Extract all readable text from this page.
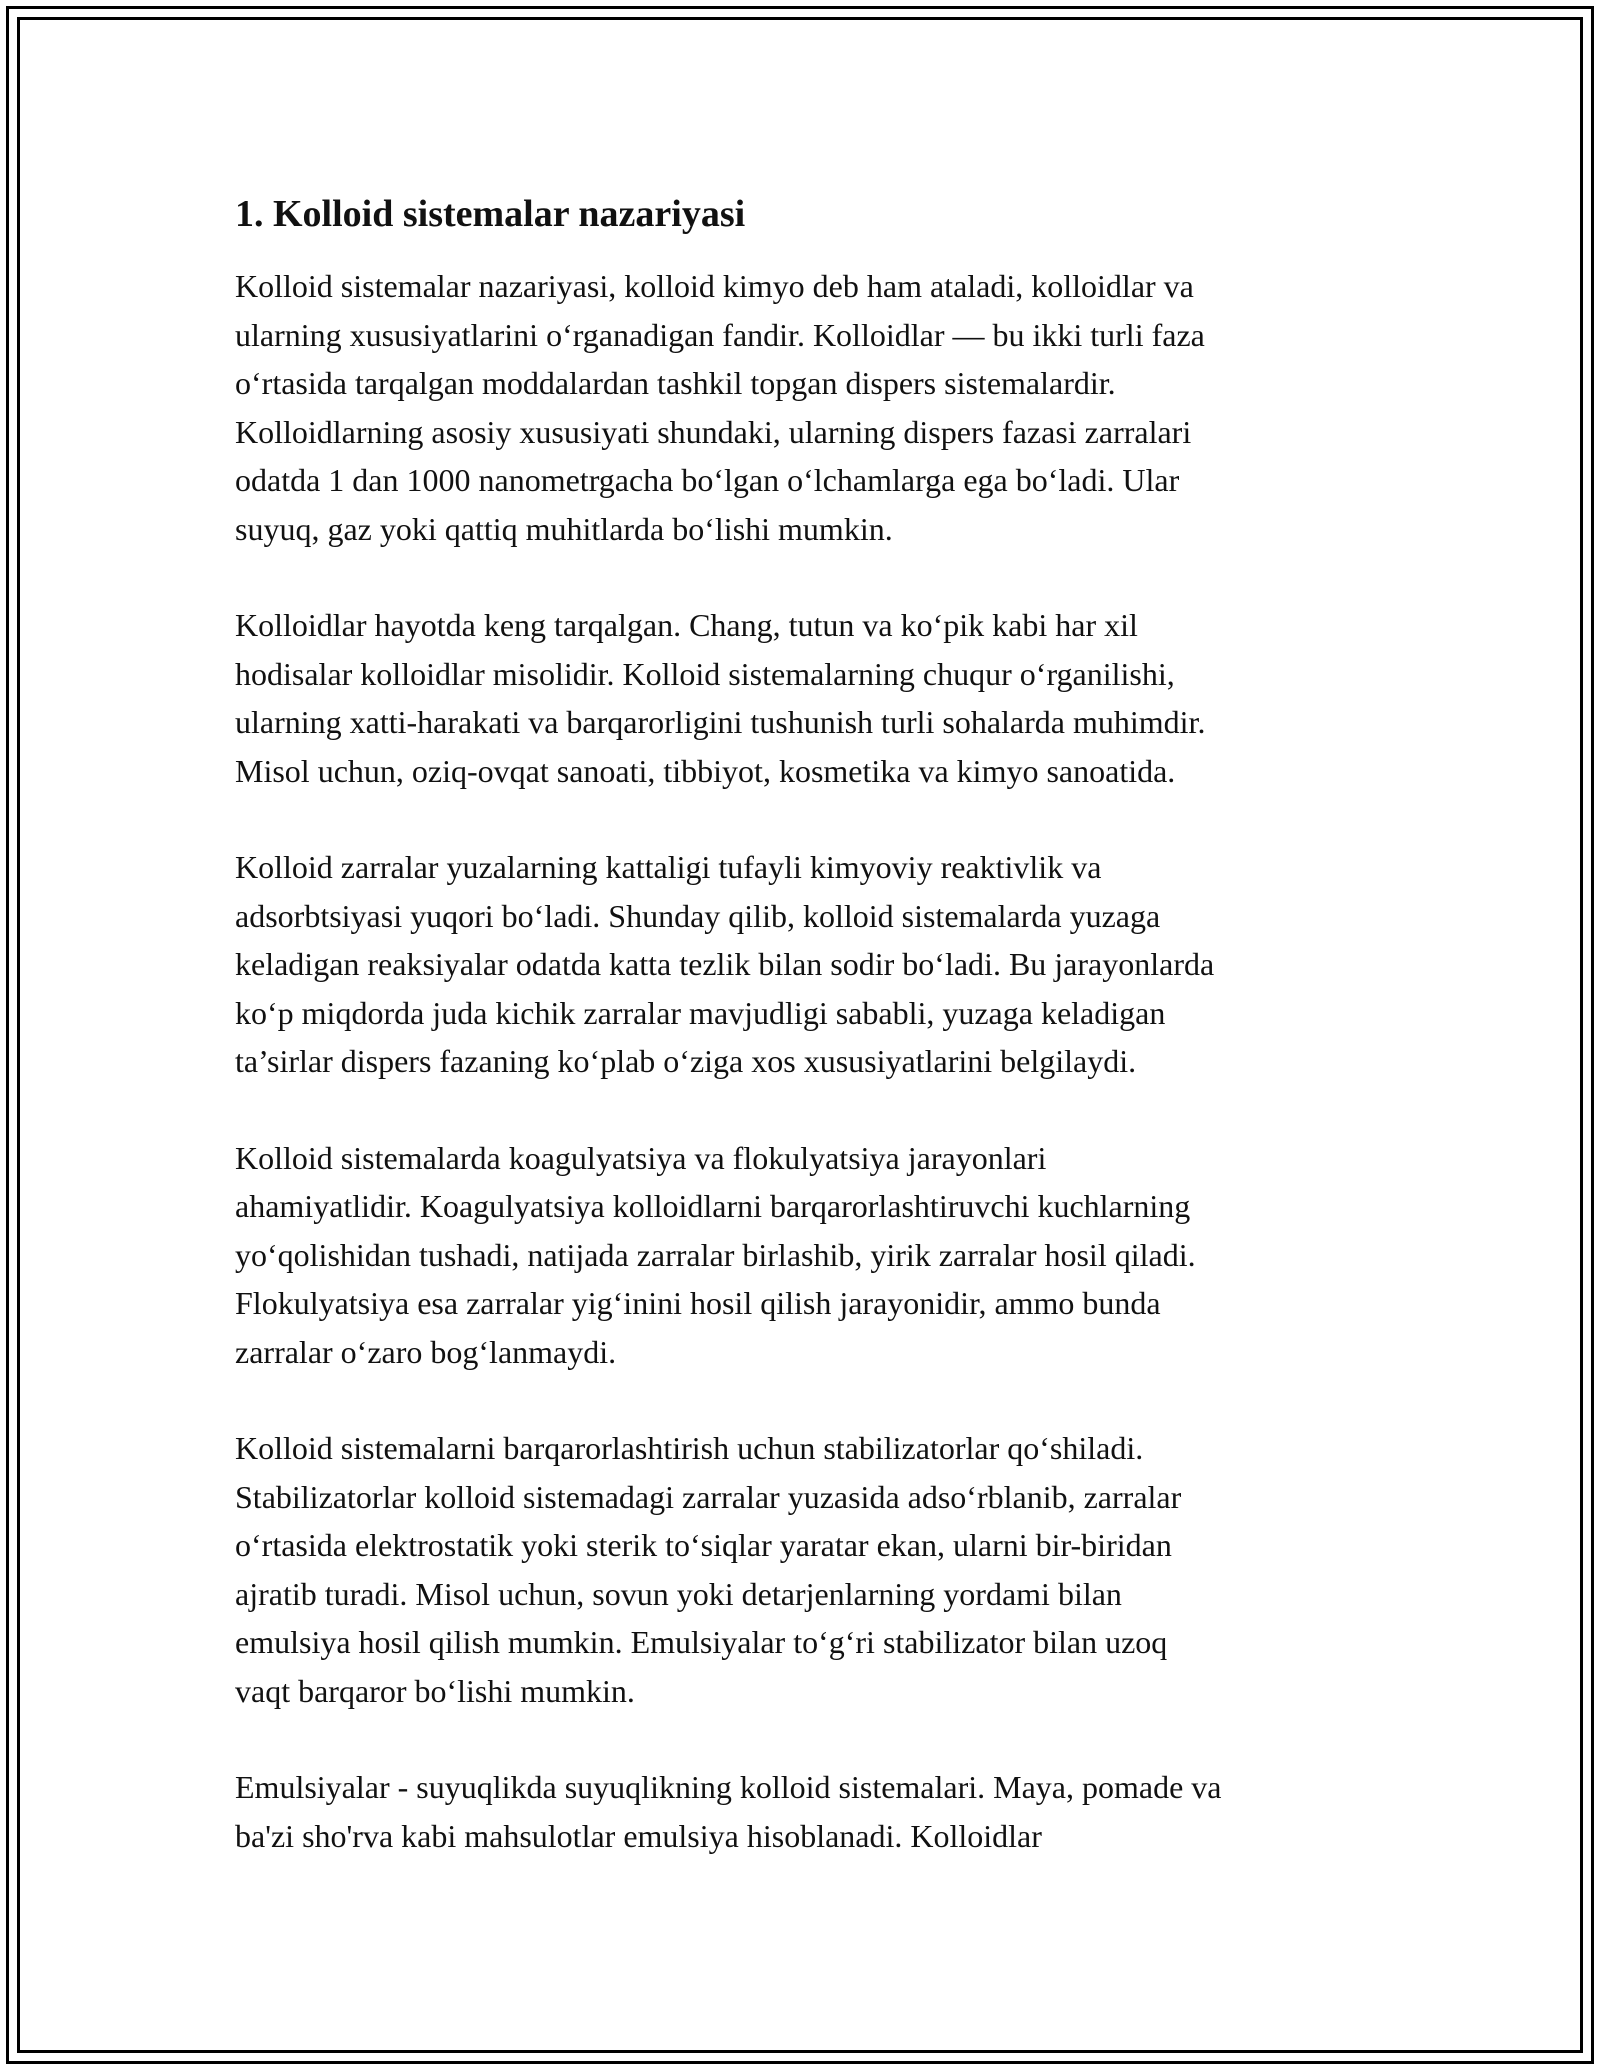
1. Kolloid sistemalar nazariyasi

Kolloid sistemalar nazariyasi, kolloid kimyo deb ham ataladi, kolloidlar va
ularning xususiyatlarini o‘rganadigan fandir. Kolloidlar — bu ikki turli faza
o‘rtasida tarqalgan moddalardan tashkil topgan dispers sistemalardir.
Kolloidlarning asosiy xususiyati shundaki, ularning dispers fazasi zarralari
odatda 1 dan 1000 nanometrgacha bo‘lgan o‘lchamlarga ega bo‘ladi. Ular
suyuq, gaz yoki qattiq muhitlarda bo‘lishi mumkin.

Kolloidlar hayotda keng tarqalgan. Chang, tutun va ko‘pik kabi har xil
hodisalar kolloidlar misolidir. Kolloid sistemalarning chuqur o‘rganilishi,
ularning xatti-harakati va barqarorligini tushunish turli sohalarda muhimdir.
Misol uchun, oziq-ovqat sanoati, tibbiyot, kosmetika va kimyo sanoatida.

Kolloid zarralar yuzalarning kattaligi tufayli kimyoviy reaktivlik va
adsorbtsiyasi yuqori bo‘ladi. Shunday qilib, kolloid sistemalarda yuzaga
keladigan reaksiyalar odatda katta tezlik bilan sodir bo‘ladi. Bu jarayonlarda
ko‘p miqdorda juda kichik zarralar mavjudligi sababli, yuzaga keladigan
ta’sirlar dispers fazaning ko‘plab o‘ziga xos xususiyatlarini belgilaydi.

Kolloid sistemalarda koagulyatsiya va flokulyatsiya jarayonlari
ahamiyatlidir. Koagulyatsiya kolloidlarni barqarorlashtiruvchi kuchlarning
yo‘qolishidan tushadi, natijada zarralar birlashib, yirik zarralar hosil qiladi.
Flokulyatsiya esa zarralar yig‘inini hosil qilish jarayonidir, ammo bunda
zarralar o‘zaro bog‘lanmaydi.

Kolloid sistemalarni barqarorlashtirish uchun stabilizatorlar qo‘shiladi.
Stabilizatorlar kolloid sistemadagi zarralar yuzasida adso‘rblanib, zarralar
o‘rtasida elektrostatik yoki sterik to‘siqlar yaratar ekan, ularni bir-biridan
ajratib turadi. Misol uchun, sovun yoki detarjenlarning yordami bilan
emulsiya hosil qilish mumkin. Emulsiyalar to‘g‘ri stabilizator bilan uzoq
vaqt barqaror bo‘lishi mumkin.

Emulsiyalar - suyuqlikda suyuqlikning kolloid sistemalari. Maya, pomade va
ba'zi sho'rva kabi mahsulotlar emulsiya hisoblanadi. Kolloidlar
